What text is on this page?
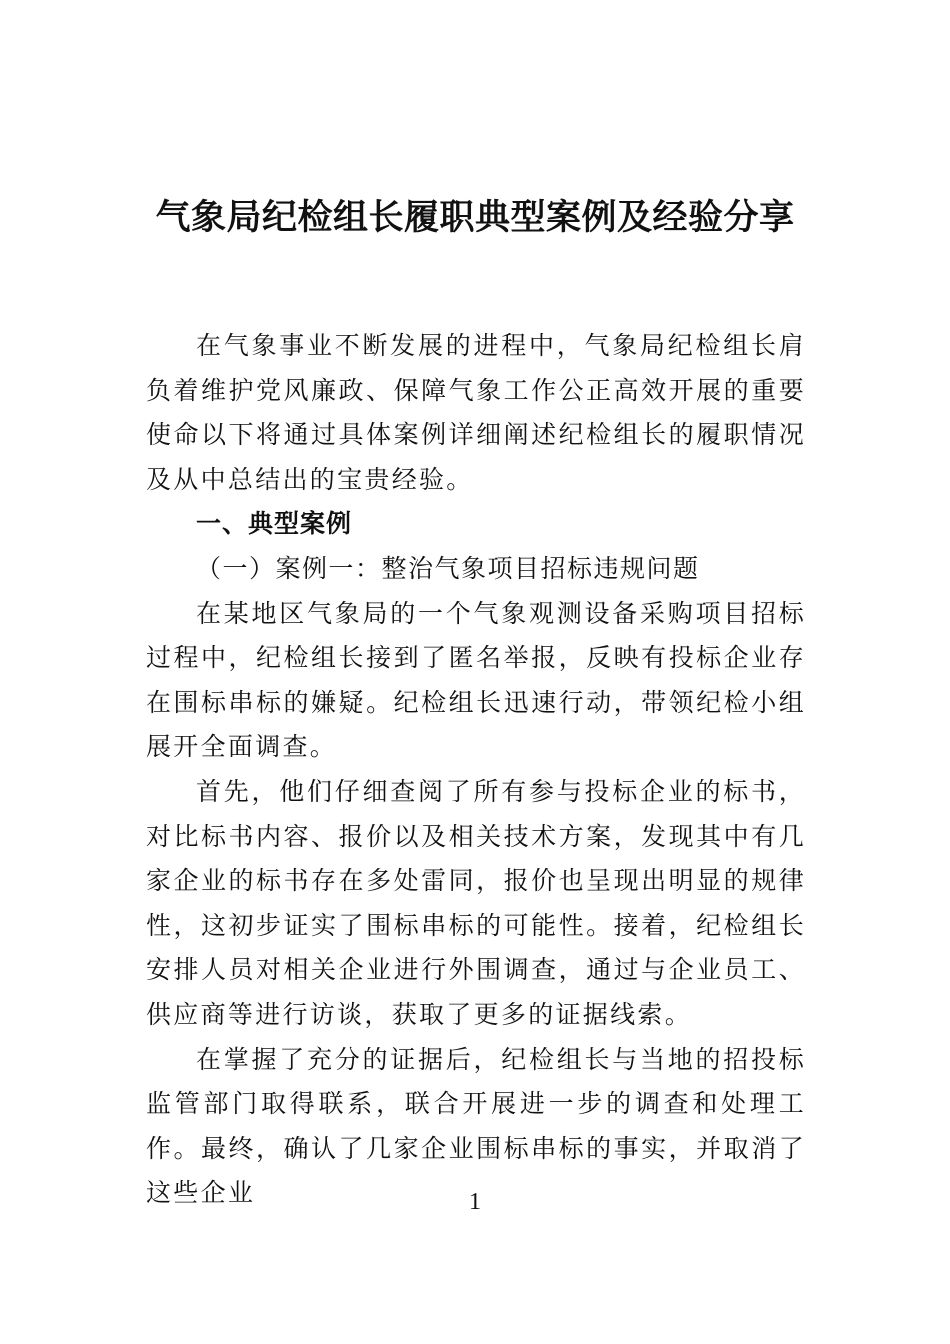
气象局纪检组长履职典型案例及经验分享

在气象事业不断发展的进程中，气象局纪检组长肩负着维护党风廉政、保障气象工作公正高效开展的重要使命以下将通过具体案例详细阐述纪检组长的履职情况及从中总结出的宝贵经验。

一、典型案例

（一）案例一：整治气象项目招标违规问题

在某地区气象局的一个气象观测设备采购项目招标过程中，纪检组长接到了匿名举报，反映有投标企业存在围标串标的嫌疑。纪检组长迅速行动，带领纪检小组展开全面调查。

首先，他们仔细查阅了所有参与投标企业的标书，对比标书内容、报价以及相关技术方案，发现其中有几家企业的标书存在多处雷同，报价也呈现出明显的规律性，这初步证实了围标串标的可能性。接着，纪检组长安排人员对相关企业进行外围调查，通过与企业员工、供应商等进行访谈，获取了更多的证据线索。

在掌握了充分的证据后，纪检组长与当地的招投标监管部门取得联系，联合开展进一步的调查和处理工作。最终，确认了几家企业围标串标的事实，并取消了这些企业	1
